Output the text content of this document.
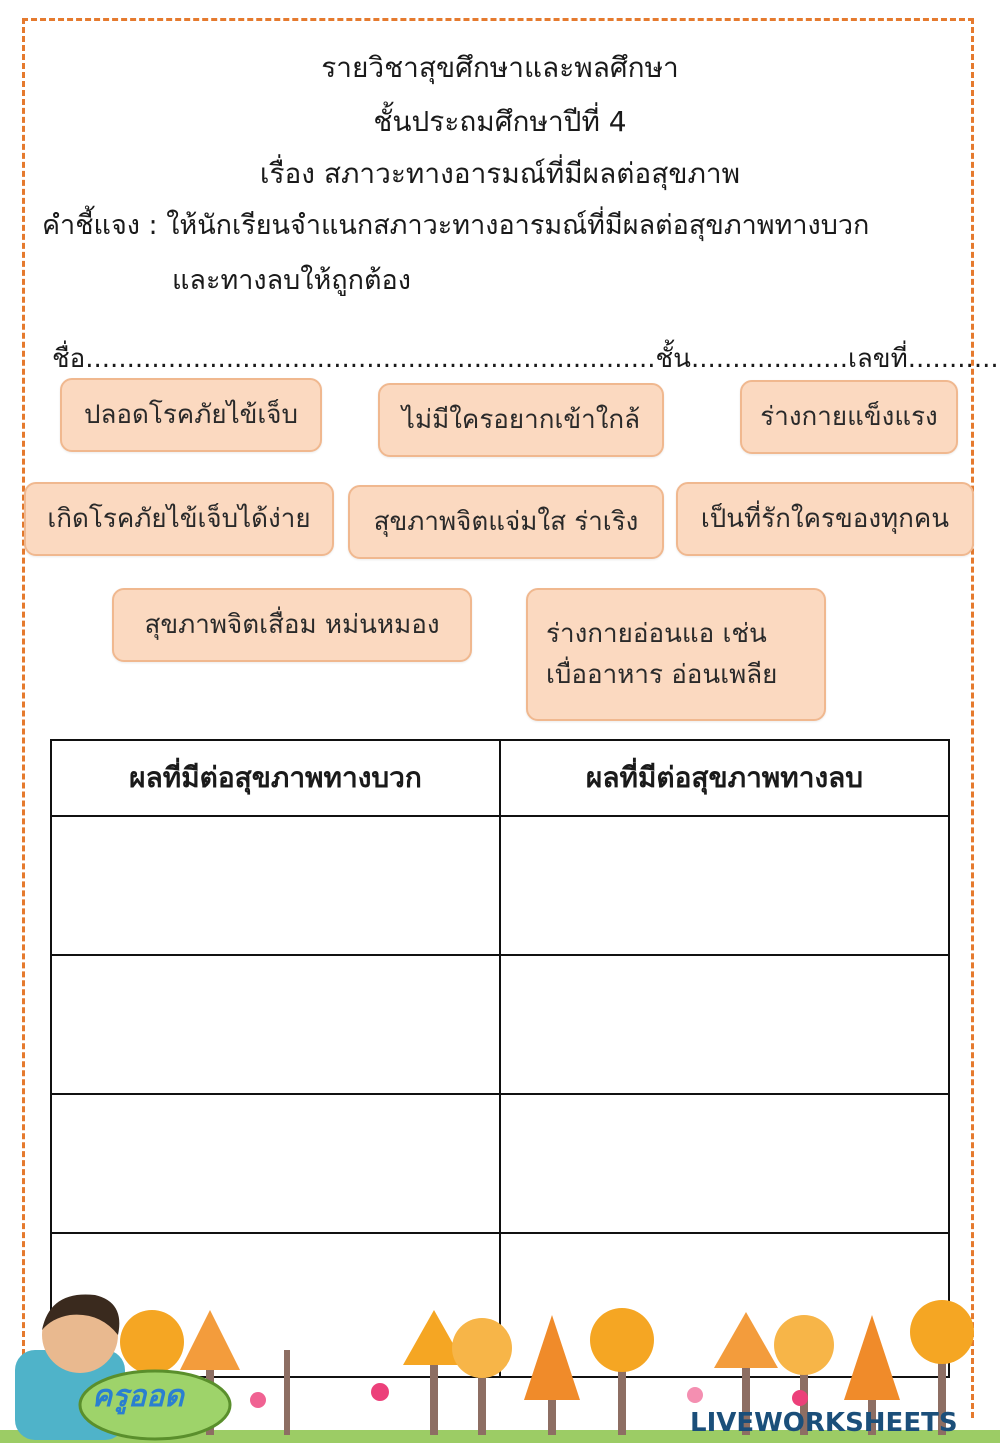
รายวิชาสุขศึกษาและพลศึกษา
ชั้นประถมศึกษาปีที่ 4
เรื่อง สภาวะทางอารมณ์ที่มีผลต่อสุขภาพ
คำชี้แจง : ให้นักเรียนจำแนกสภาวะทางอารมณ์ที่มีผลต่อสุขภาพทางบวก
และทางลบให้ถูกต้อง
ชื่อ.....................................................................ชั้น...................เลขที่...........
ปลอดโรคภัยไข้เจ็บ	ไม่มีใครอยากเข้าใกล้	ร่างกายแข็งแรง
เกิดโรคภัยไข้เจ็บได้ง่าย สุขภาพจิตแจ่มใส ร่าเริง เป็นที่รักใครของทุกคน
สุขภาพจิตเสื่อม หม่นหมอง	ร่างกายอ่อนแอ เช่น
เบื่ออาหาร อ่อนเพลีย
ผลที่มีต่อสุขภาพทางบวก	ผลที่มีต่อสุขภาพทางลบ

ครูออด
LIVEWORKSHEETS
